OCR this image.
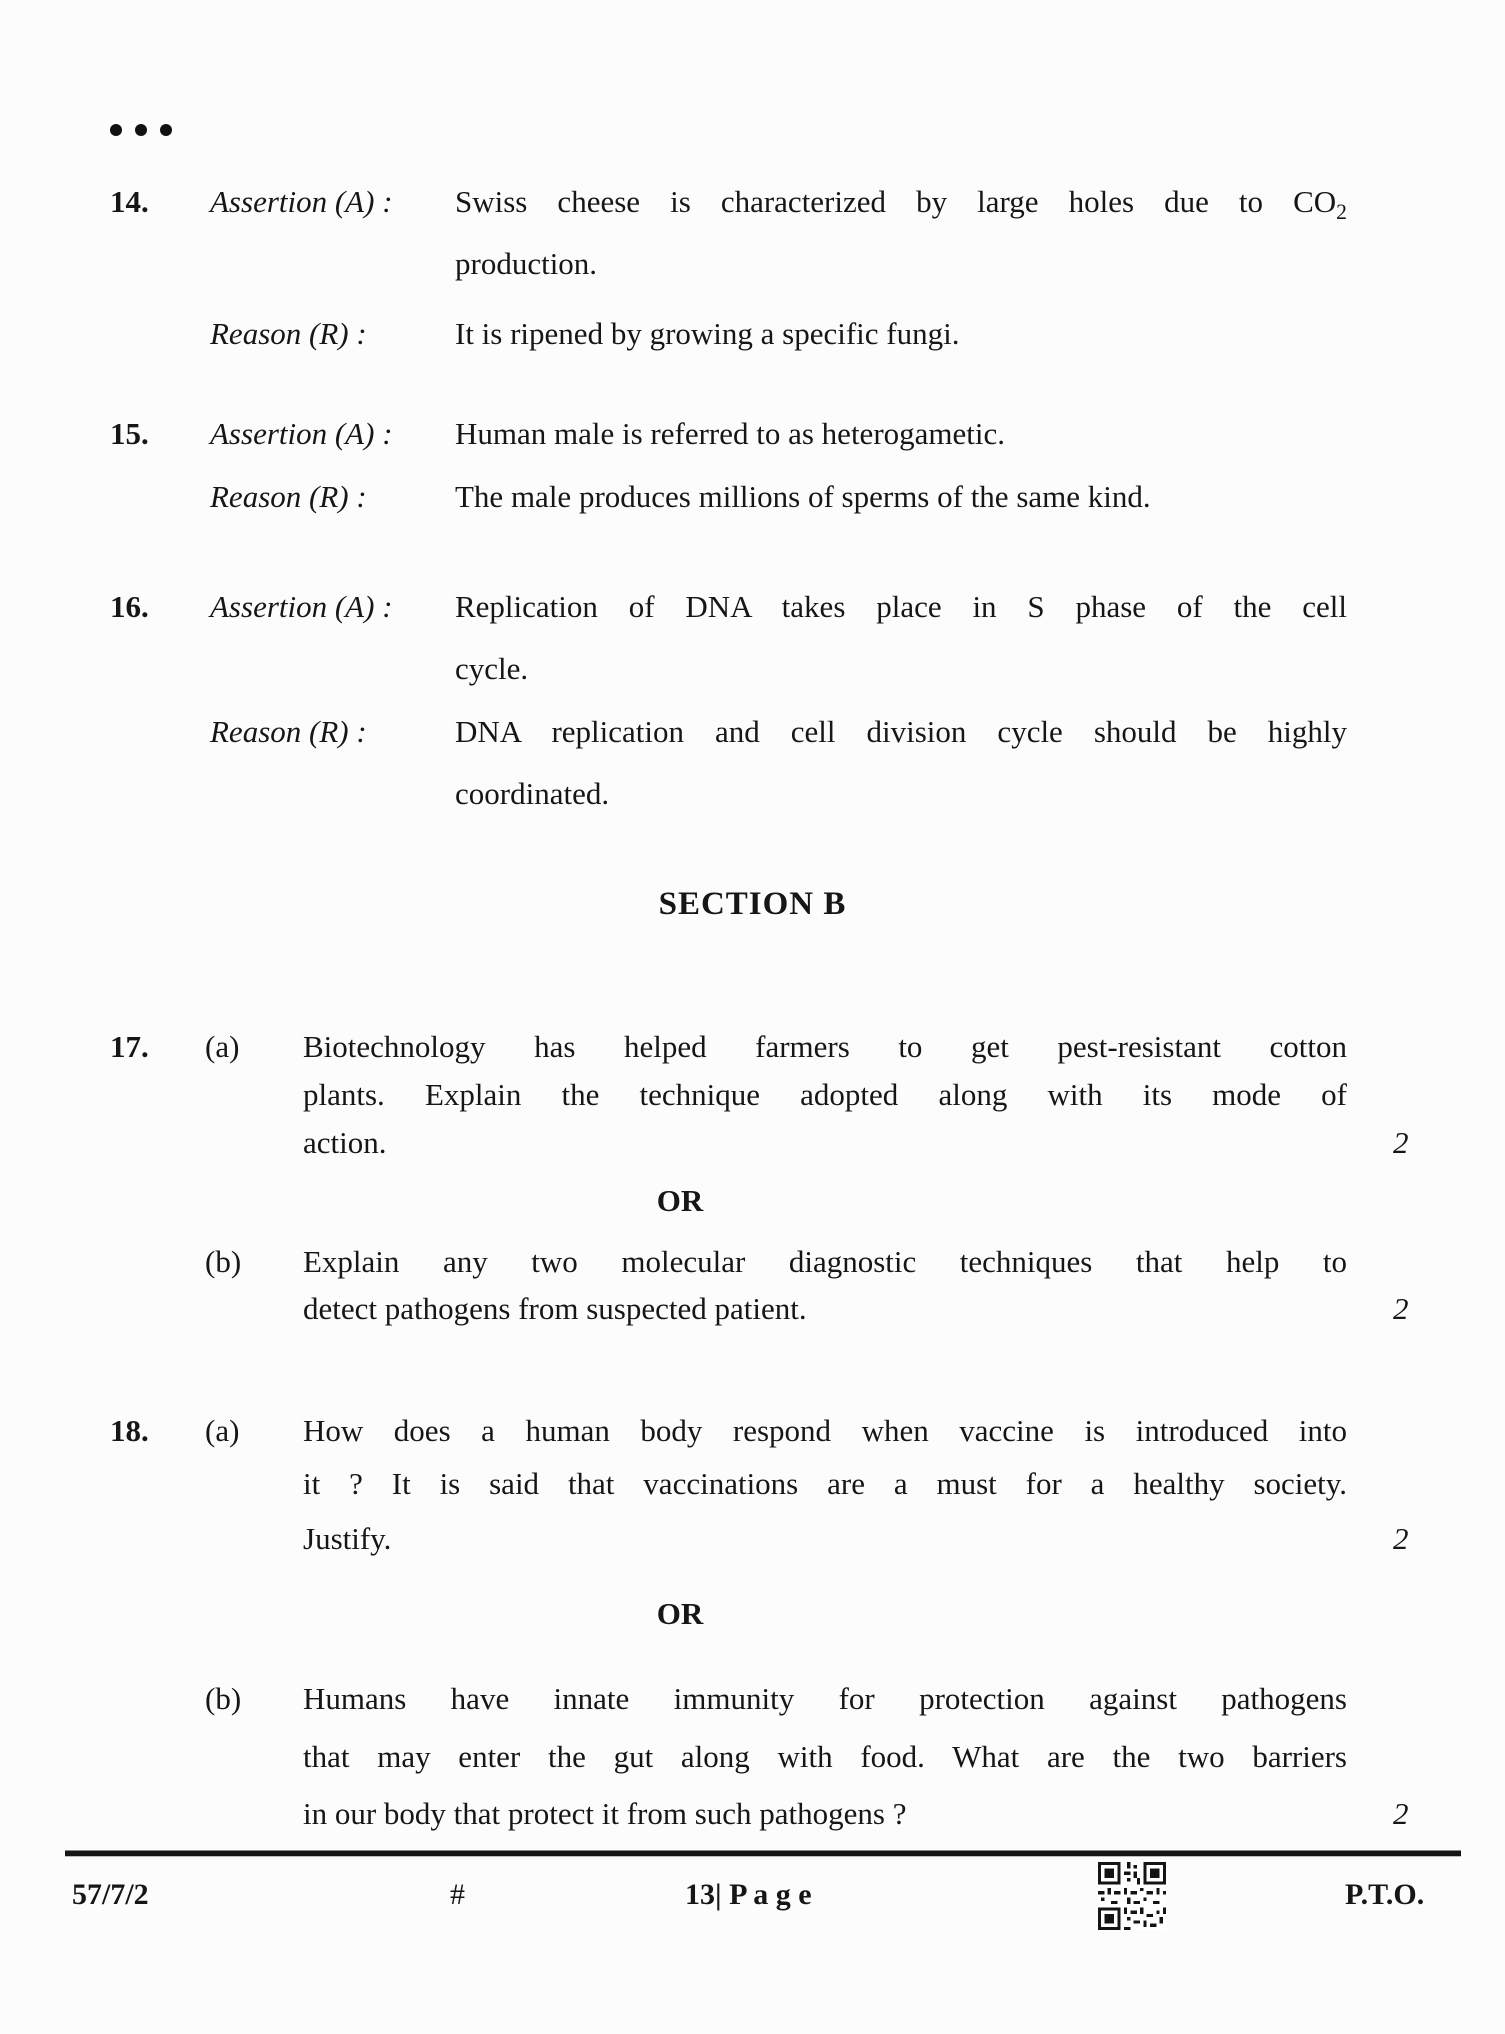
14. Assertion (A) : Swiss cheese is characterized by large holes due to $CO_2$
production.
Reason (R) :	It is ripened by growing a specific fungi.
15. Assertion (A) : Human male is referred to as heterogametic.
Reason (R) :	The male produces millions of sperms of the same kind.
16. Assertion (A) : Replication of DNA takes place in S phase of the cell
cycle.
Reason (R) :	DNA replication and cell division cycle should be highly
coordinated.
SECTION B
17. (a) Biotechnology has helped farmers to get pest-resistant cotton
plants. Explain the technique adopted along with its mode of
action.	2
OR
(b) Explain any two molecular diagnostic techniques that help to
detect pathogens from suspected patient.	2
18. (a) How does a human body respond when vaccine is introduced into
it ? It is said that vaccinations are a must for a healthy society.
Justify.	2
OR
(b) Humans have innate immunity for protection against pathogens
that may enter the gut along with food. What are the two barriers
in our body that protect it from such pathogens ?	2
57/7/2	#	13| P a g e	P.T.O.
